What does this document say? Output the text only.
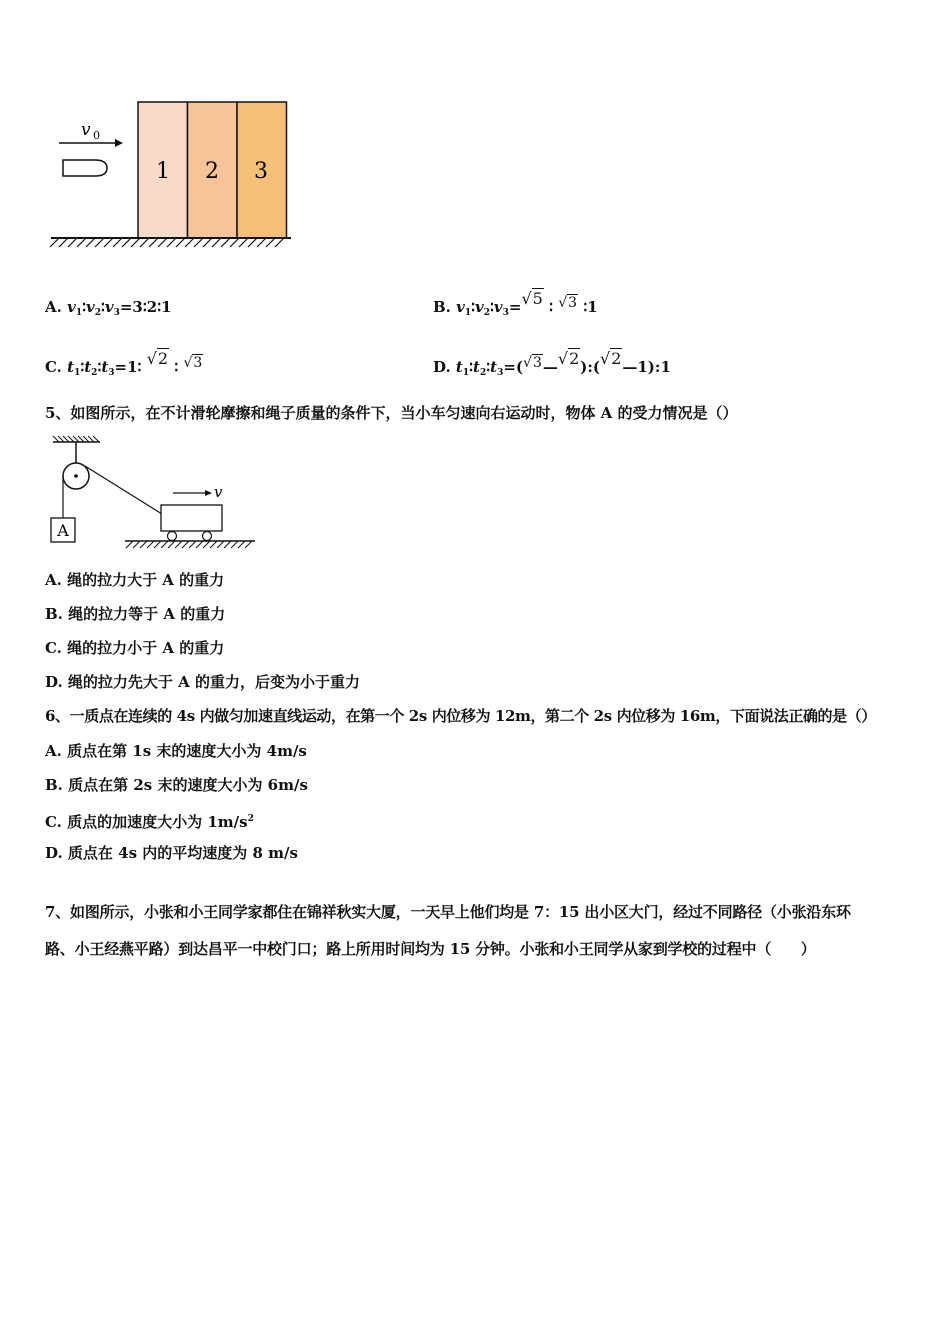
v 0
1 2 3
A. $v_1∶v_2∶v_3=3∶2∶1$	B. $v_1∶v_2∶v_3=√5$ ∶ √3 ∶1
C. $t_1∶t_2∶t_3=1∶$ √2 ∶ √3	D. $t_1∶t_2∶t_3=(√3—√2):(√2—1):1$
5、如图所示，在不计滑轮摩擦和绳子质量的条件下，当小车匀速向右运动时，物体 A 的受力情况是（）
A
v
A. 绳的拉力大于 A 的重力
B. 绳的拉力等于 A 的重力
C. 绳的拉力小于 A 的重力
D. 绳的拉力先大于 A 的重力，后变为小于重力
6、一质点在连续的 4s 内做匀加速直线运动，在第一个 2s 内位移为 12m，第二个 2s 内位移为 16m，下面说法正确的是（）
A. 质点在第 1s 末的速度大小为 4m/s
B. 质点在第 2s 末的速度大小为 6m/s
C. 质点的加速度大小为 $1m/s^2$
D. 质点在 4s 内的平均速度为 8 m/s
7、如图所示，小张和小王同学家都住在锦祥秋实大厦，一天早上他们均是 7：15 出小区大门，经过不同路径（小张沿东环
路、小王经燕平路）到达昌平一中校门口；路上所用时间均为 15 分钟。小张和小王同学从家到学校的过程中（　　）
